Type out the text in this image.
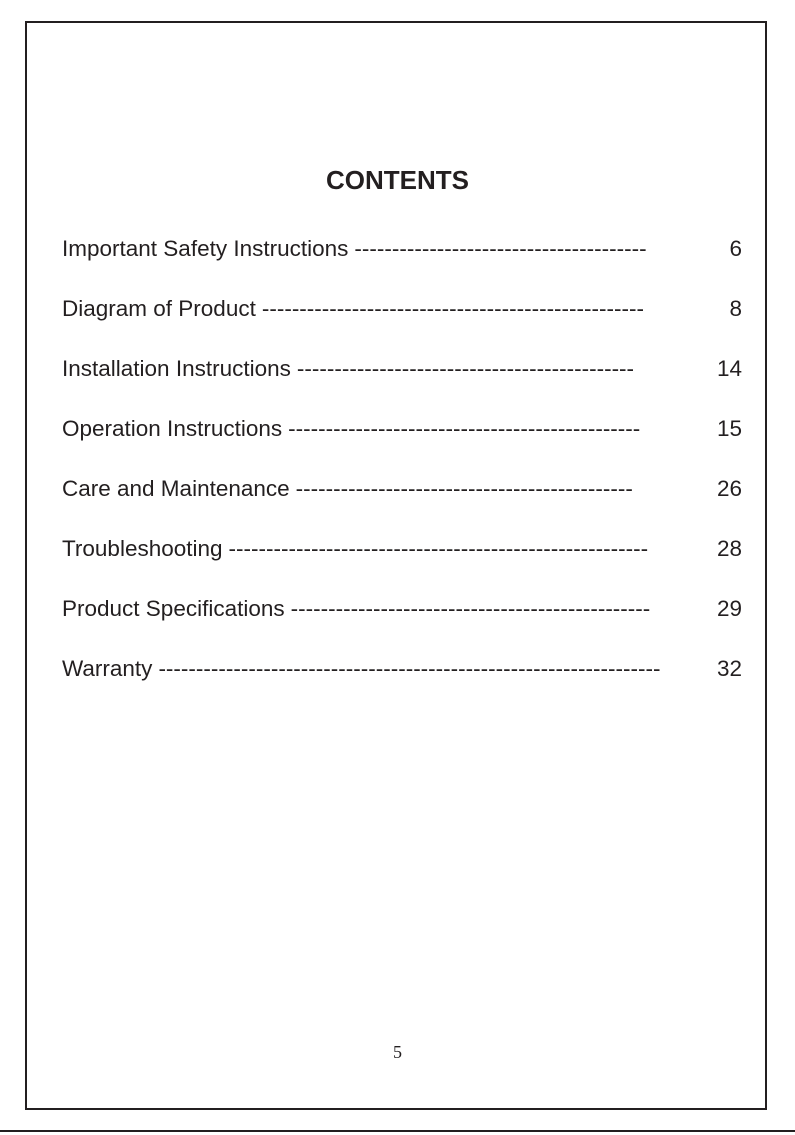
CONTENTS
Important Safety Instructions ---------------------------------------	6
Diagram of Product ---------------------------------------------------	8
Installation Instructions ---------------------------------------------	14
Operation Instructions -----------------------------------------------	15
Care and Maintenance ---------------------------------------------	26
Troubleshooting --------------------------------------------------------	28
Product Specifications ------------------------------------------------	29
Warranty -------------------------------------------------------------------	32
5
